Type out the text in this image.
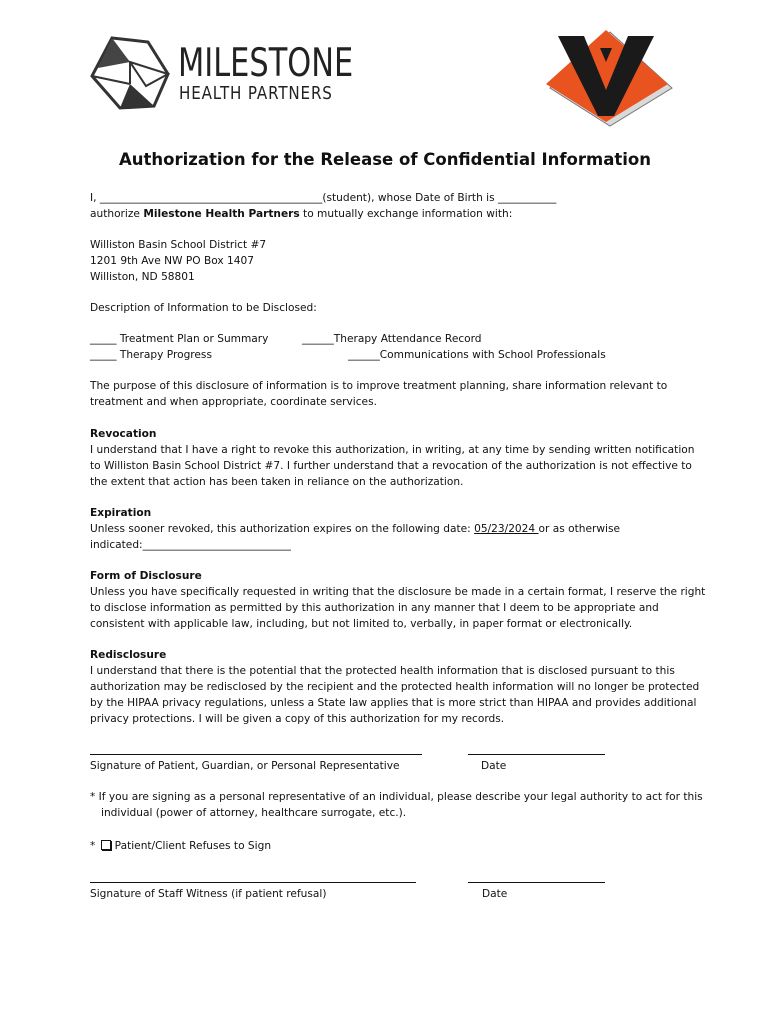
MILESTONE
HEALTH PARTNERS
Authorization for the Release of Confidential Information

I, __________________________________________(student), whose Date of Birth is ___________

authorize Milestone Health Partners to mutually exchange information with:

Williston Basin School District #7

1201 9th Ave NW PO Box 1407

Williston, ND 58801

Description of Information to be Disclosed:

_____ Treatment Plan or Summary

_____ Therapy Progress

______Therapy Attendance Record

______Communications with School Professionals

The purpose of this disclosure of information is to improve treatment planning, share information relevant to

treatment and when appropriate, coordinate services.

Revocation

I understand that I have a right to revoke this authorization, in writing, at any time by sending written notification

to Williston Basin School District #7. I further understand that a revocation of the authorization is not effective to

the extent that action has been taken in reliance on the authorization.

Expiration

Unless sooner revoked, this authorization expires on the following date: 05/23/2024 or as otherwise

indicated:____________________________

Form of Disclosure

Unless you have specifically requested in writing that the disclosure be made in a certain format, I reserve the right

to disclose information as permitted by this authorization in any manner that I deem to be appropriate and

consistent with applicable law, including, but not limited to, verbally, in paper format or electronically.

Redisclosure

I understand that there is the potential that the protected health information that is disclosed pursuant to this

authorization may be redisclosed by the recipient and the protected health information will no longer be protected

by the HIPAA privacy regulations, unless a State law applies that is more strict than HIPAA and provides additional

privacy protections. I will be given a copy of this authorization for my records.

Signature of Patient, Guardian, or Personal Representative	Date

* If you are signing as a personal representative of an individual, please describe your legal authority to act for this

individual (power of attorney, healthcare surrogate, etc.).

* Patient/Client Refuses to Sign

Signature of Staff Witness (if patient refusal)	Date
